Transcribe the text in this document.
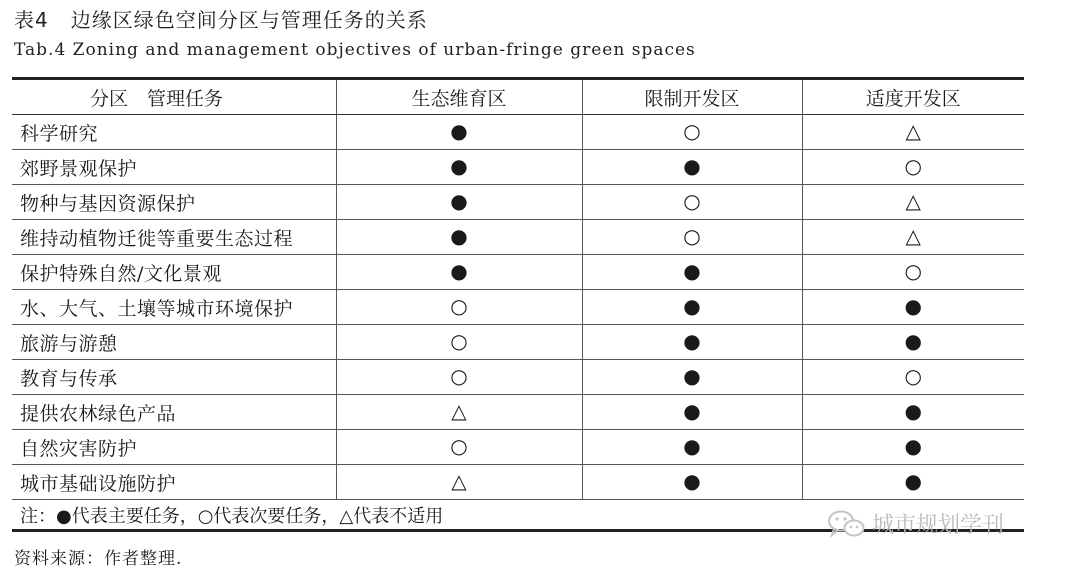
表4 边缘区绿色空间分区与管理任务的关系
Tab.4 Zoning and management objectives of urban-fringe green spaces
分区　管理任务	生态维育区	限制开发区	适度开发区
科学研究	●	○	△
郊野景观保护	●	●	○
物种与基因资源保护	●	○	△
维持动植物迁徙等重要生态过程	●	○	△
保护特殊自然/文化景观	●	●	○
水、大气、土壤等城市环境保护	○	●	●
旅游与游憩	○	●	●
教育与传承	○	●	○
提供农林绿色产品	△	●	●
自然灾害防护	○	●	●
城市基础设施防护	△	●	●
注：●代表主要任务，○代表次要任务，△代表不适用
资料来源：作者整理.
城市规划学刊
